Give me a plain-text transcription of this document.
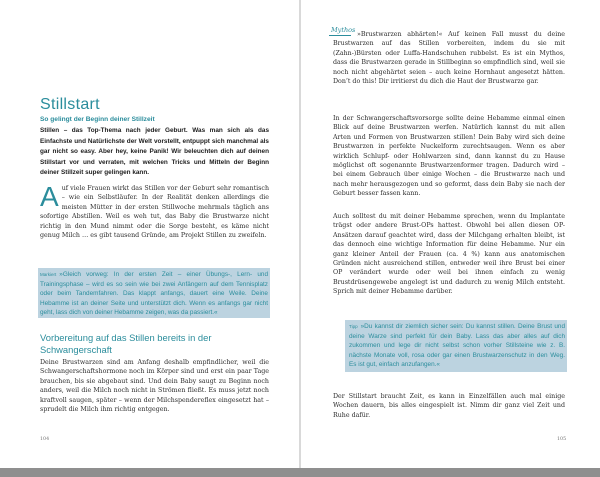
Stillstart
So gelingt der Beginn deiner Stillzeit
Stillen – das Top-Thema nach jeder Geburt. Was man sich als das Einfachste und Natürlichste der Welt vorstellt, entpuppt sich manchmal als gar nicht so easy. Aber hey, keine Panik! Wir beleuchten dich auf deinen Stillstart vor und verraten, mit welchen Tricks und Mitteln der Beginn deiner Stillzeit super gelingen kann.
A uf viele Frauen wirkt das Stillen vor der Geburt sehr romantisch – wie ein Selbstläufer. In der Realität denken allerdings die meisten Mütter in der ersten Stillwoche mehrmals täglich ans sofortige Abstillen. Weil es weh tut, das Baby die Brustwarze nicht richtig in den Mund nimmt oder die Sorge besteht, es käme nicht genug Milch … es gibt tausend Gründe, am Projekt Stillen zu zweifeln.
Markiert »Gleich vorweg: In der ersten Zeit – einer Übungs-, Lern- und Trainingsphase – wird es so sein wie bei zwei Anfängern auf dem Tennisplatz oder beim Tandemfahren. Das klappt anfangs, dauert eine Weile. Deine Hebamme ist an deiner Seite und unterstützt dich. Wenn es anfangs gar nicht geht, lass dich von deiner Hebamme zeigen, was da passiert.«
Vorbereitung auf das Stillen bereits in der Schwangerschaft
Deine Brustwarzen sind am Anfang deshalb empfindlicher, weil die Schwangerschaftshormone noch im Körper sind und erst ein paar Tage brauchen, bis sie abgebaut sind. Und dein Baby saugt zu Beginn noch anders, weil die Milch noch nicht in Strömen fließt. Es muss jetzt noch kraftvoll saugen, später – wenn der Milchspendereflex eingesetzt hat – sprudelt die Milch ihm richtig entgegen.
104
Mythos
»Brustwarzen abhärten!« Auf keinen Fall musst du deine Brustwarzen auf das Stillen vorbereiten, indem du sie mit (Zahn-)Bürsten oder Luffa-Handschuhen rubbelst. Es ist ein Mythos, dass die Brustwarzen gerade in Stillbeginn so empfindlich sind, weil sie noch nicht abgehärtet seien – auch keine Hornhaut angesetzt hätten. Don’t do this! Dir irritierst du dich die Haut der Brustwarze gar.
In der Schwangerschaftsvorsorge sollte deine Hebamme einmal einen Blick auf deine Brustwarzen werfen. Natürlich kannst du mit allen Arten und Formen von Brustwarzen stillen! Dein Baby wird sich deine Brustwarzen in perfekte Nuckelform zurechtsaugen. Wenn es aber wirklich Schlupf- oder Hohlwarzen sind, dann kannst du zu Hause möglichst oft sogenannte Brustwarzenformer tragen. Dadurch wird – bei einem Gebrauch über einige Wochen – die Brustwarze nach und nach mehr herausgezogen und so geformt, dass dein Baby sie nach der Geburt besser fassen kann.
Auch solltest du mit deiner Hebamme sprechen, wenn du Implantate trägst oder andere Brust-OPs hattest. Obwohl bei allen diesen OP-Ansätzen darauf geachtet wird, dass der Milchgang erhalten bleibt, ist das dennoch eine wichtige Information für deine Hebamme. Nur ein ganz kleiner Anteil der Frauen (ca. 4 %) kann aus anatomischen Gründen nicht ausreichend stillen, entweder weil ihre Brust bei einer OP verändert wurde oder weil bei ihnen einfach zu wenig Brustdrüsengewebe angelegt ist und dadurch zu wenig Milch entsteht. Sprich mit deiner Hebamme darüber.
Tipp »Du kannst dir ziemlich sicher sein: Du kannst stillen. Deine Brust und deine Warze sind perfekt für dein Baby. Lass das aber alles auf dich zukommen und lege dir nicht selbst schon vorher Stillsteine wie z. B. nächste Monate voll, rosa oder gar einen Brustwarzenschutz in den Weg. Es ist gut, einfach anzufangen.«
Der Stillstart braucht Zeit, es kann in Einzelfällen auch mal einige Wochen dauern, bis alles eingespielt ist. Nimm dir ganz viel Zeit und Ruhe dafür.
105
